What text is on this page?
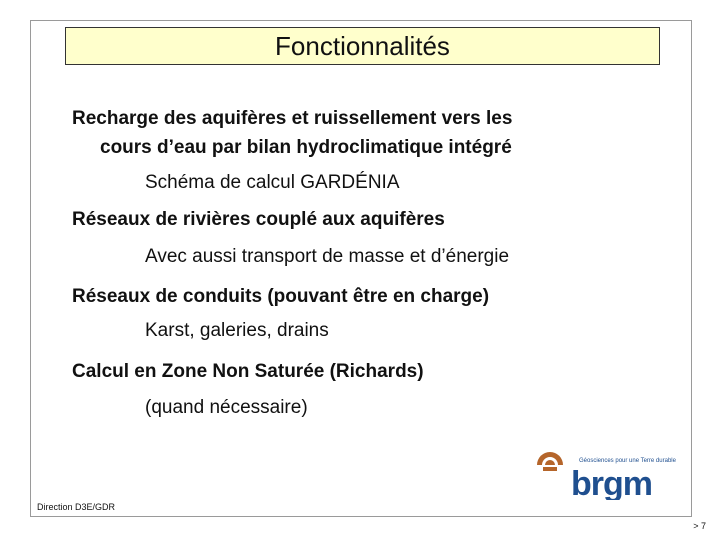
Fonctionnalités
Recharge des aquifères et ruissellement vers les
cours d’eau par bilan hydroclimatique intégré
Schéma de calcul GARDÉNIA
Réseaux de rivières couplé aux aquifères
Avec aussi transport de masse et d’énergie
Réseaux de conduits (pouvant être en charge)
Karst, galeries, drains
Calcul en Zone Non Saturée (Richards)
(quand nécessaire)
Géosciences pour une Terre durable
brgm
Direction D3E/GDR
> 7
